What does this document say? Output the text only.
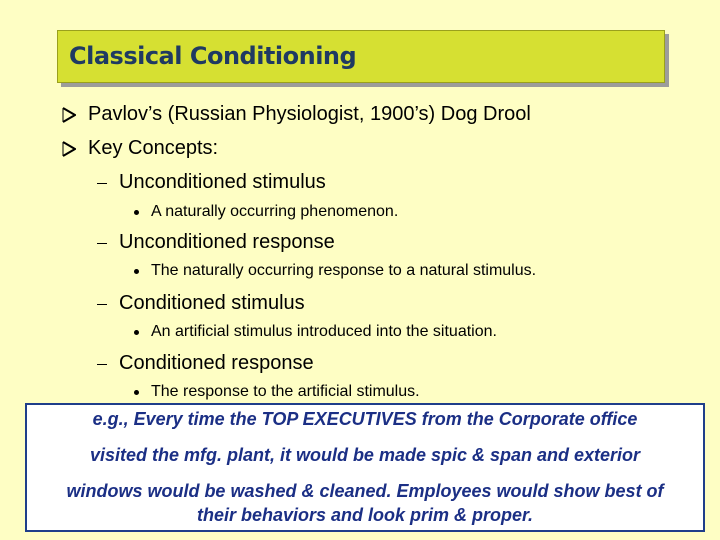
Classical Conditioning
Pavlov’s (Russian Physiologist, 1900’s) Dog Drool
Key Concepts:
Unconditioned stimulus
A naturally occurring phenomenon.
Unconditioned response
The naturally occurring response to a natural stimulus.
Conditioned stimulus
An artificial stimulus introduced into the situation.
Conditioned response
The response to the artificial stimulus.
e.g., Every time the TOP EXECUTIVES from the Corporate office
visited the mfg. plant, it would be made spic & span and exterior
windows would be washed & cleaned. Employees would show best of
their behaviors and look prim & proper.
